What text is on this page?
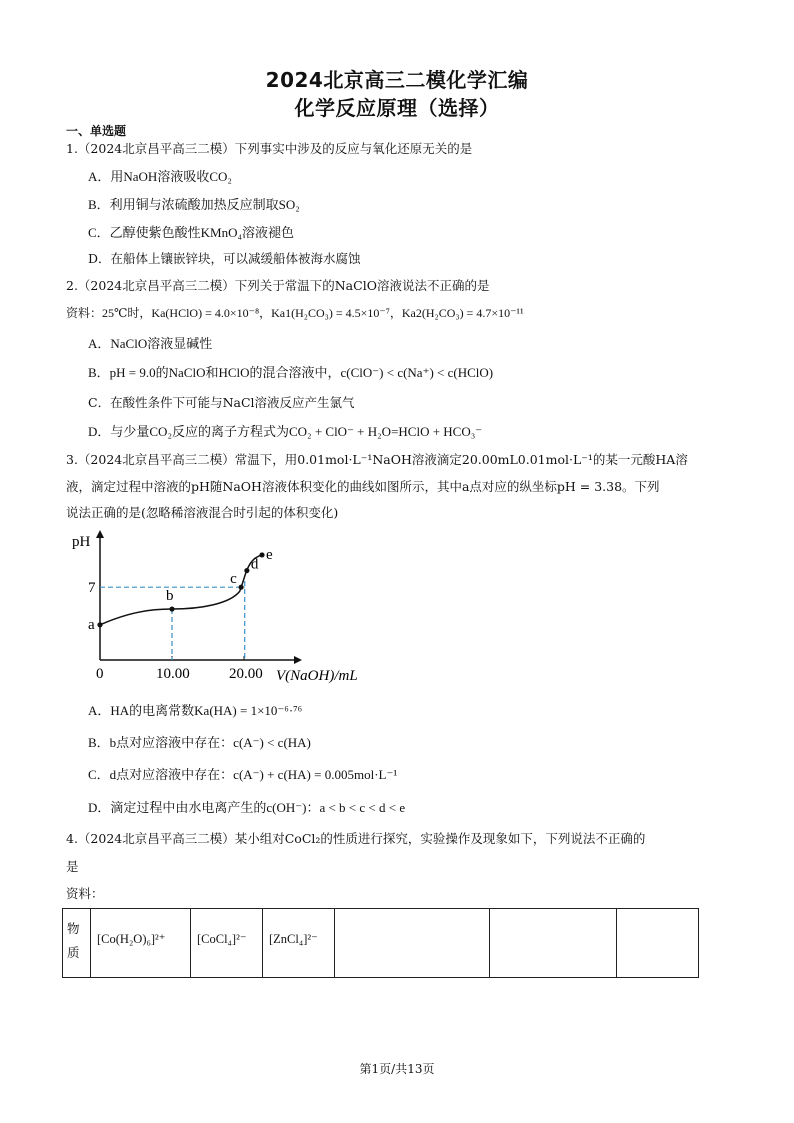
2024北京高三二模化学汇编
化学反应原理（选择）
一、单选题
1.（2024北京昌平高三二模）下列事实中涉及的反应与氧化还原无关的是
A．用NaOH溶液吸收CO₂
B．利用铜与浓硫酸加热反应制取SO₂
C．乙醇使紫色酸性KMnO₄溶液褪色
D．在船体上镶嵌锌块，可以减缓船体被海水腐蚀
2.（2024北京昌平高三二模）下列关于常温下的NaClO溶液说法不正确的是
资料：25℃时，Ka(HClO) = 4.0×10⁻⁸，Ka1(H₂CO₃) = 4.5×10⁻⁷，Ka2(H₂CO₃) = 4.7×10⁻¹¹
A．NaClO溶液显碱性
B．pH = 9.0的NaClO和HClO的混合溶液中，c(ClO⁻) < c(Na⁺) < c(HClO)
C．在酸性条件下可能与NaCl溶液反应产生氯气
D．与少量CO₂反应的离子方程式为CO₂ + ClO⁻ + H₂O=HClO + HCO₃⁻
3.（2024北京昌平高三二模）常温下，用0.01mol·L⁻¹NaOH溶液滴定20.00mL0.01mol·L⁻¹的某一元酸HA溶
液，滴定过程中溶液的pH随NaOH溶液体积变化的曲线如图所示，其中a点对应的纵坐标pH = 3.38。下列
说法正确的是(忽略稀溶液混合时引起的体积变化)
pH
V(NaOH)/mL
0	10.00	20.00
7
a
b
c
d
e
A．HA的电离常数Ka(HA) = 1×10⁻⁶·⁷⁶
B．b点对应溶液中存在：c(A⁻) < c(HA)
C．d点对应溶液中存在：c(A⁻) + c(HA) = 0.005mol·L⁻¹
D．滴定过程中由水电离产生的c(OH⁻)：a < b < c < d < e
4.（2024北京昌平高三二模）某小组对CoCl₂的性质进行探究，实验操作及现象如下，下列说法不正确的
是
资料：
物质	[Co(H₂O)₆]²⁺	[CoCl₄]²⁻	[ZnCl₄]²⁻			
第1页/共13页
